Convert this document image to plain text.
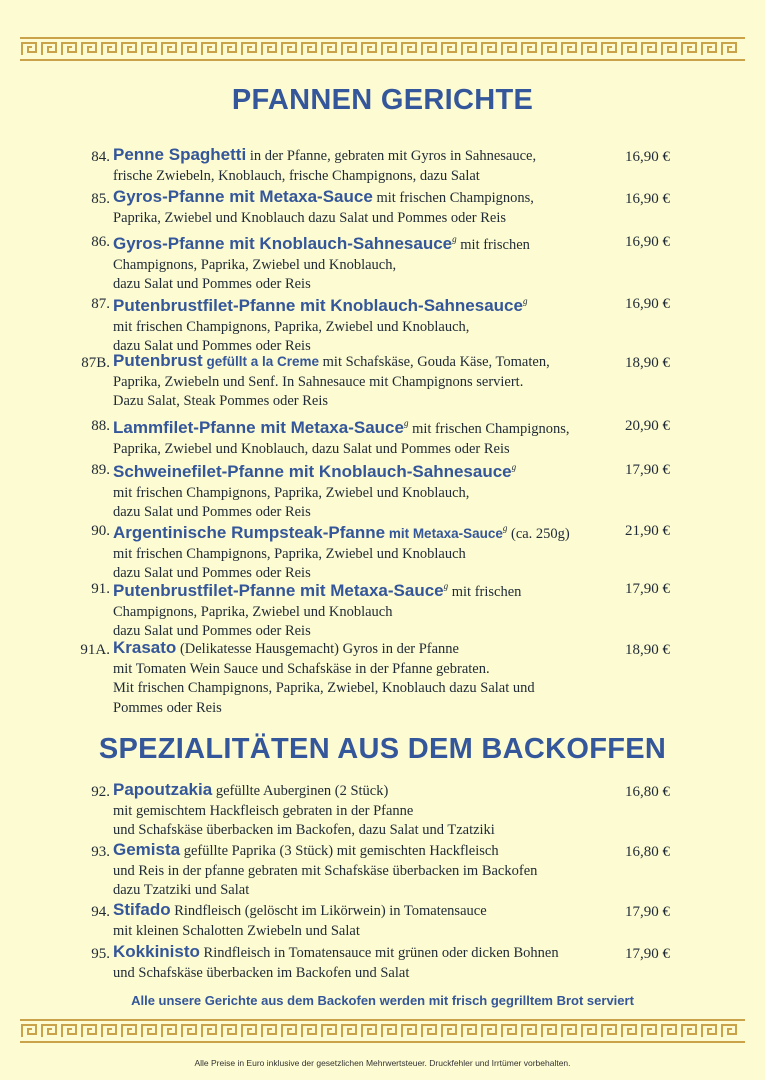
PFANNEN GERICHTE
84. Penne Spaghetti in der Pfanne, gebraten mit Gyros in Sahnesauce,
frische Zwiebeln, Knoblauch, frische Champignons, dazu Salat
16,90 €
85. Gyros-Pfanne mit Metaxa-Sauce mit frischen Champignons,
Paprika, Zwiebel und Knoblauch dazu Salat und Pommes oder Reis
16,90 €
86. Gyros-Pfanne mit Knoblauch-Sahnesauce$^g$ mit frischen
Champignons, Paprika, Zwiebel und Knoblauch,
dazu Salat und Pommes oder Reis
16,90 €
87. Putenbrustfilet-Pfanne mit Knoblauch-Sahnesauce$^g$
mit frischen Champignons, Paprika, Zwiebel und Knoblauch,
dazu Salat und Pommes oder Reis
16,90 €
87B. Putenbrust gefüllt a la Creme mit Schafskäse, Gouda Käse, Tomaten,
Paprika, Zwiebeln und Senf. In Sahnesauce mit Champignons serviert.
Dazu Salat, Steak Pommes oder Reis
18,90 €
88. Lammfilet-Pfanne mit Metaxa-Sauce$^g$ mit frischen Champignons,
Paprika, Zwiebel und Knoblauch, dazu Salat und Pommes oder Reis
20,90 €
89. Schweinefilet-Pfanne mit Knoblauch-Sahnesauce$^g$
mit frischen Champignons, Paprika, Zwiebel und Knoblauch,
dazu Salat und Pommes oder Reis
17,90 €
90. Argentinische Rumpsteak-Pfanne mit Metaxa-Sauce$^g$ (ca. 250g)
mit frischen Champignons, Paprika, Zwiebel und Knoblauch
dazu Salat und Pommes oder Reis
21,90 €
91. Putenbrustfilet-Pfanne mit Metaxa-Sauce$^g$ mit frischen
Champignons, Paprika, Zwiebel und Knoblauch
dazu Salat und Pommes oder Reis
17,90 €
91A. Krasato (Delikatesse Hausgemacht) Gyros in der Pfanne
mit Tomaten Wein Sauce und Schafskäse in der Pfanne gebraten.
Mit frischen Champignons, Paprika, Zwiebel, Knoblauch dazu Salat und
Pommes oder Reis
18,90 €
SPEZIALITÄTEN AUS DEM BACKOFFEN
92. Papoutzakia gefüllte Auberginen (2 Stück)
mit gemischtem Hackfleisch gebraten in der Pfanne
und Schafskäse überbacken im Backofen, dazu Salat und Tzatziki
16,80 €
93. Gemista gefüllte Paprika (3 Stück) mit gemischten Hackfleisch
und Reis in der pfanne gebraten mit Schafskäse überbacken im Backofen
dazu Tzatziki und Salat
16,80 €
94. Stifado Rindfleisch (gelöscht im Likörwein) in Tomatensauce
mit kleinen Schalotten Zwiebeln und Salat
17,90 €
95. Kokkinisto Rindfleisch in Tomatensauce mit grünen oder dicken Bohnen
und Schafskäse überbacken im Backofen und Salat
17,90 €
Alle unsere Gerichte aus dem Backofen werden mit frisch gegrilltem Brot serviert
Alle Preise in Euro inklusive der gesetzlichen Mehrwertsteuer. Druckfehler und Irrtümer vorbehalten.
